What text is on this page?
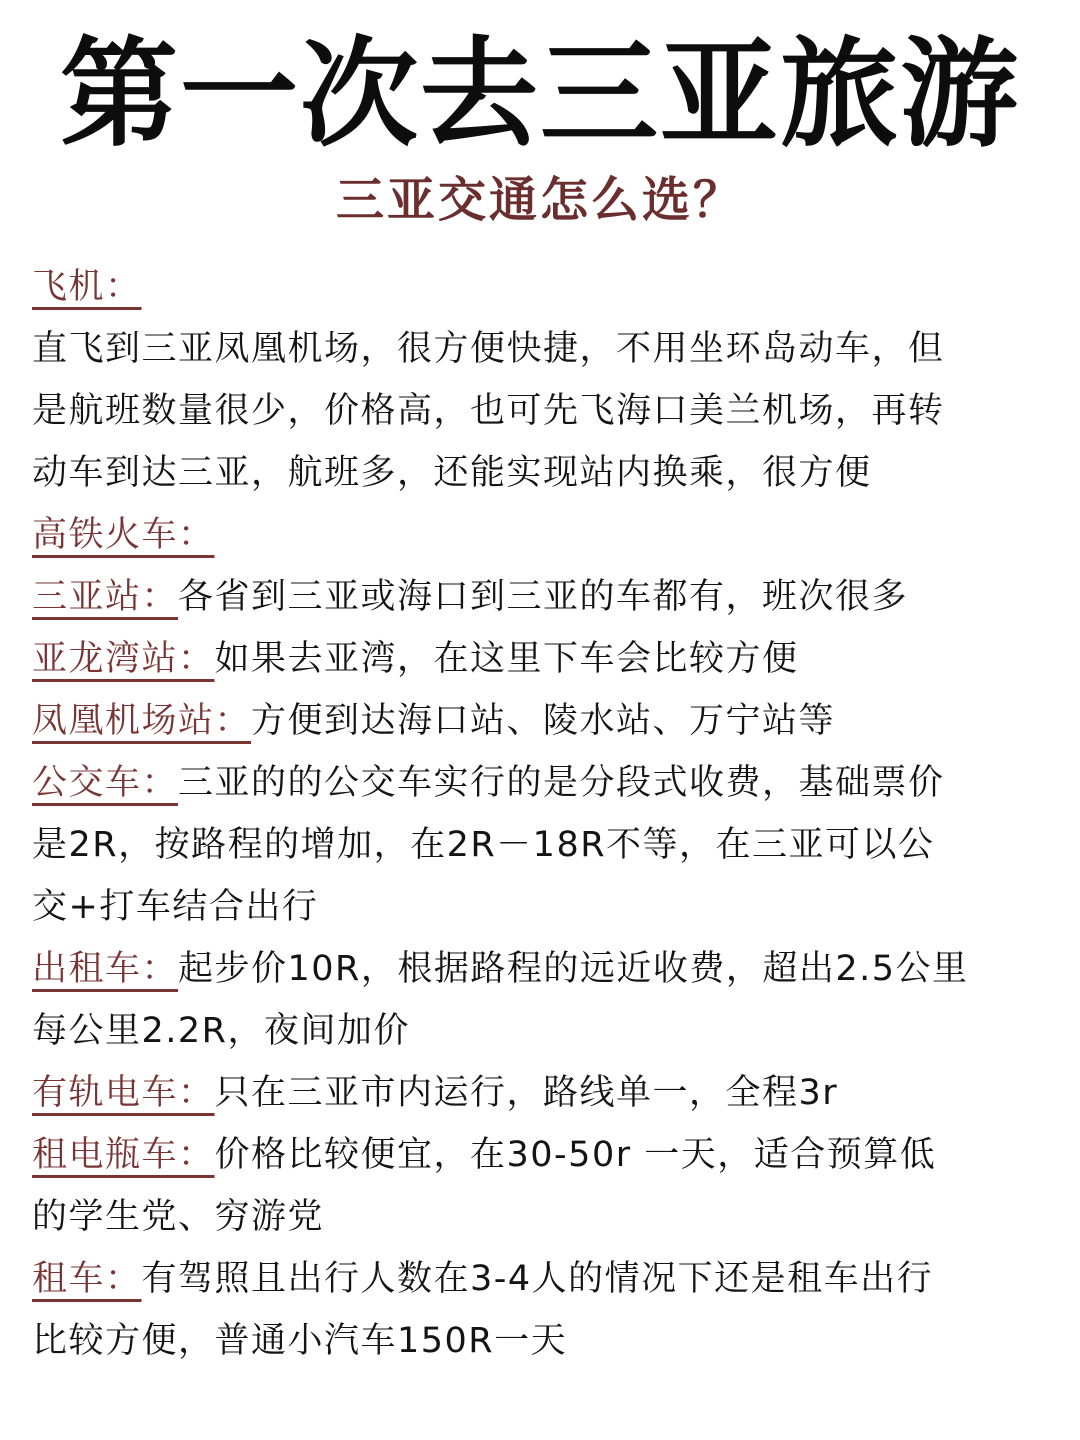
第一次去三亚旅游
三亚交通怎么选？
飞机：
直飞到三亚凤凰机场，很方便快捷，不用坐环岛动车，但
是航班数量很少，价格高，也可先飞海口美兰机场，再转
动车到达三亚，航班多，还能实现站内换乘，很方便
高铁火车：
三亚站：各省到三亚或海口到三亚的车都有，班次很多
亚龙湾站：如果去亚湾，在这里下车会比较方便
凤凰机场站：方便到达海口站、陵水站、万宁站等
公交车：三亚的的公交车实行的是分段式收费，基础票价
是2R，按路程的增加，在2R－18R不等，在三亚可以公
交+打车结合出行
出租车：起步价10R，根据路程的远近收费，超出2.5公里
每公里2.2R，夜间加价
有轨电车：只在三亚市内运行，路线单一，全程3r
租电瓶车：价格比较便宜，在30-50r 一天，适合预算低
的学生党、穷游党
租车：有驾照且出行人数在3-4人的情况下还是租车出行
比较方便，普通小汽车150R一天
